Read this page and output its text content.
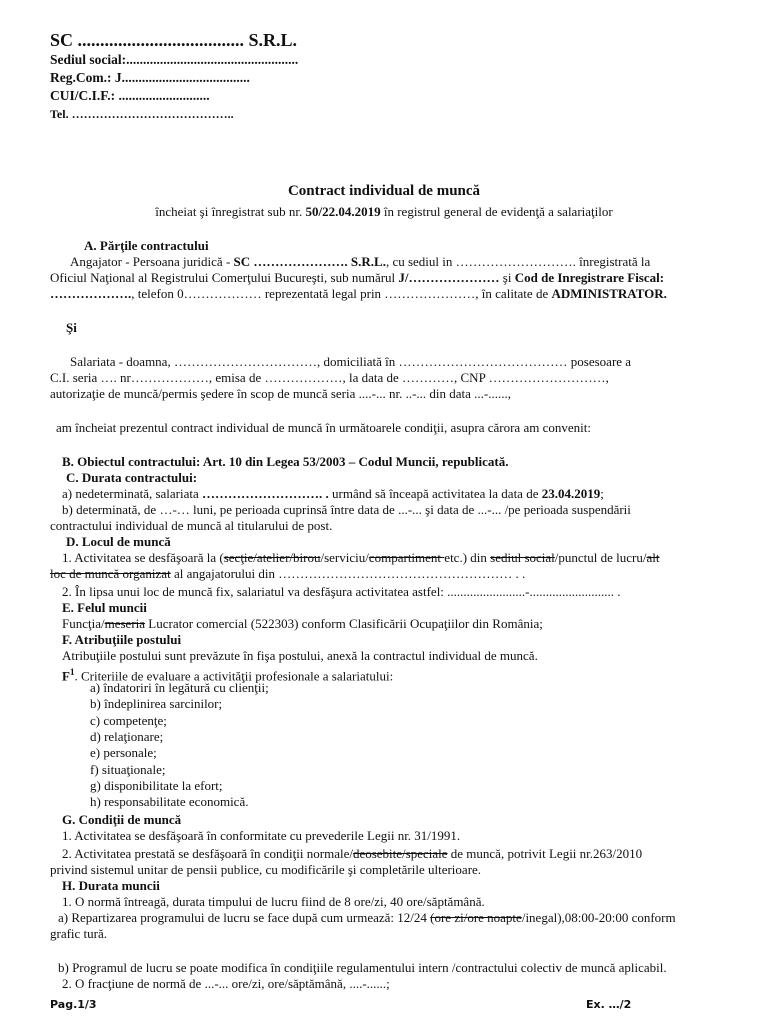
SC ..................................... S.R.L.
Sediul social:...................................................
Reg.Com.: J......................................
CUI/C.I.F.: ...........................
Tel. …………………………………..
Contract individual de muncă
încheiat şi înregistrat sub nr. 50/22.04.2019 în registrul general de evidenţă a salariaţilor
A. Părţile contractului
Angajator - Persoana juridică - SC …………………. S.R.L., cu sediul in ………………………. înregistrată la
Oficiul Naţional al Registrului Comerţului Bucureşti, sub numărul J/………………… şi Cod de Inregistrare Fiscal:
………………., telefon 0……………… reprezentată legal prin …………………, în calitate de ADMINISTRATOR.
Şi
Salariata - doamna, ……………………………, domiciliată în ………………………………… posesoare a
C.I. seria …. nr………………, emisa de ………………, la data de …………, CNP ………………………,
autorizaţie de muncă/permis şedere în scop de muncă seria ....-... nr. ..-... din data ...-......,
am încheiat prezentul contract individual de muncă în următoarele condiţii, asupra cărora am convenit:
B. Obiectul contractului: Art. 10 din Legea 53/2003 – Codul Muncii, republicată.
C. Durata contractului:
a) nedeterminată, salariata ………………………. . urmând să înceapă activitatea la data de 23.04.2019;
b) determinată, de …-… luni, pe perioada cuprinsă între data de ...-... şi data de ...-... /pe perioada suspendării
contractului individual de muncă al titularului de post.
D. Locul de muncă
1. Activitatea se desfăşoară la (secţie/atelier/birou/serviciu/compartiment etc.) din sediul social/punctul de lucru/alt
loc de muncă organizat al angajatorului din ……………………………………………… . .
2. În lipsa unui loc de muncă fix, salariatul va desfăşura activitatea astfel: ........................-.......................... .
E. Felul muncii
Funcţia/meseria Lucrator comercial (522303) conform Clasificării Ocupaţiilor din România;
F. Atribuţiile postului
Atribuţiile postului sunt prevăzute în fişa postului, anexă la contractul individual de muncă.
$F^1$. Criteriile de evaluare a activităţii profesionale a salariatului:
a) îndatoriri în legătură cu clienţii;
b) îndeplinirea sarcinilor;
c) competenţe;
d) relaţionare;
e) personale;
f) situaţionale;
g) disponibilitate la efort;
h) responsabilitate economică.
G. Condiţii de muncă
1. Activitatea se desfăşoară în conformitate cu prevederile Legii nr. 31/1991.
2. Activitatea prestată se desfăşoară în condiţii normale/deosebite/speciale de muncă, potrivit Legii nr.263/2010
privind sistemul unitar de pensii publice, cu modificările şi completările ulterioare.
H. Durata muncii
1. O normă întreagă, durata timpului de lucru fiind de 8 ore/zi, 40 ore/săptămână.
a) Repartizarea programului de lucru se face după cum urmează: 12/24 (ore zi/ore noapte/inegal),08:00-20:00 conform
grafic tură.
b) Programul de lucru se poate modifica în condiţiile regulamentului intern /contractului colectiv de muncă aplicabil.
2. O fracţiune de normă de ...-... ore/zi, ore/săptămână, ....-......;
Pag.1/3	Ex. …/2
